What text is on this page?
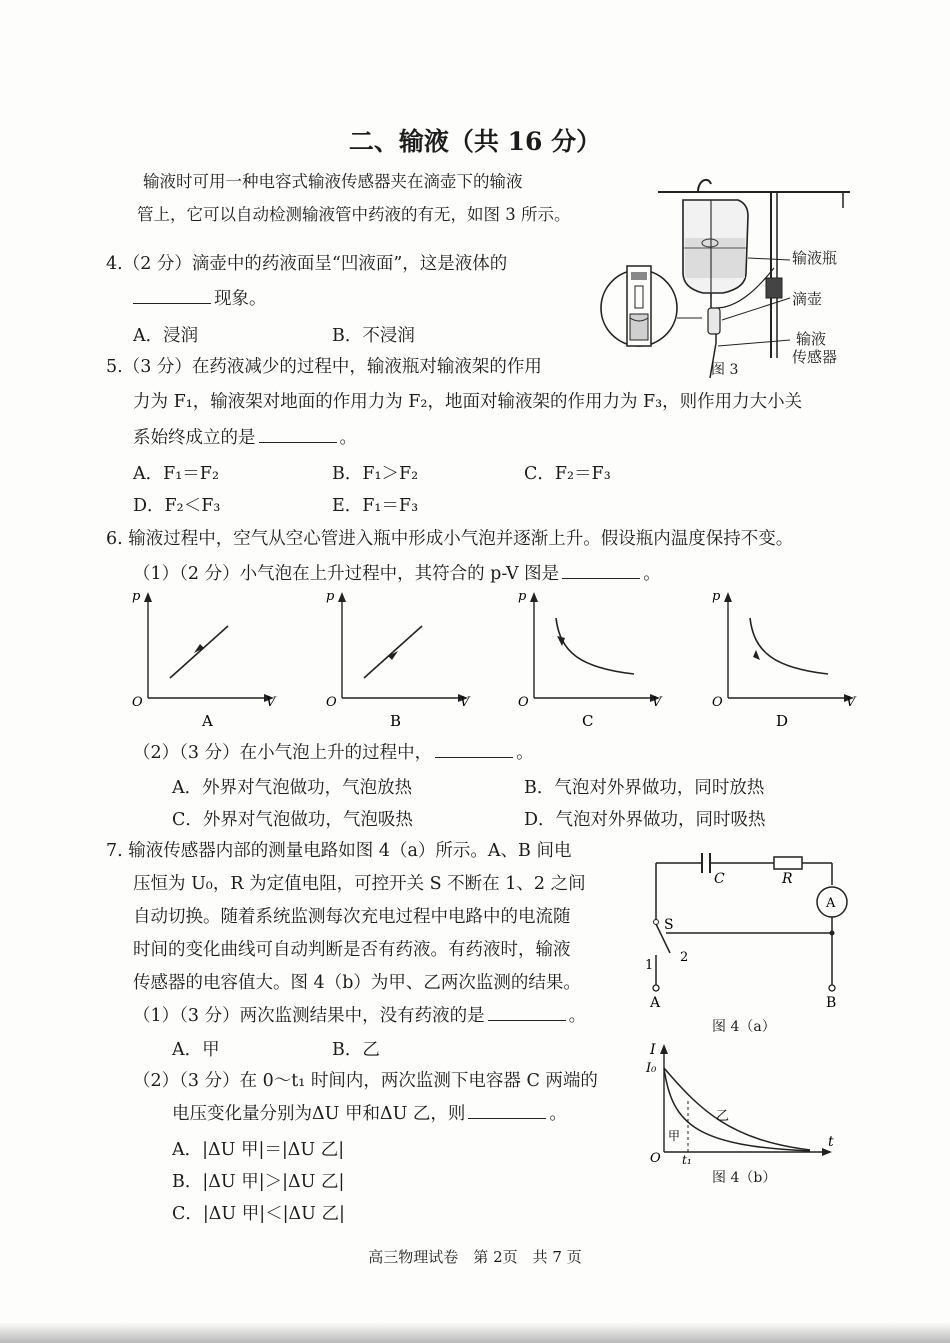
二、输液（共 16 分）
输液时可用一种电容式输液传感器夹在滴壶下的输液
管上，它可以自动检测输液管中药液的有无，如图 3 所示。
输液瓶
滴壶
输液
传感器
图 3
4.（2 分）滴壶中的药液面呈“凹液面”，这是液体的
现象。
A．浸润	B．不浸润
5.（3 分）在药液减少的过程中，输液瓶对输液架的作用
力为 F₁，输液架对地面的作用力为 F₂，地面对输液架的作用力为 F₃，则作用力大小关
系始终成立的是	。
A．F₁＝F₂	B．F₁＞F₂	C．F₂＝F₃
D．F₂＜F₃	E．F₁＝F₃
6. 输液过程中，空气从空心管进入瓶中形成小气泡并逐渐上升。假设瓶内温度保持不变。
（1）（2 分）小气泡在上升过程中，其符合的 p-V 图是	。
p
O	V
A
p
O	V
B
p
O	V
C
p
O	V
D
（2）（3 分）在小气泡上升的过程中，	。
A．外界对气泡做功，气泡放热	B．气泡对外界做功，同时放热
C．外界对气泡做功，气泡吸热	D．气泡对外界做功，同时吸热
7. 输液传感器内部的测量电路如图 4（a）所示。A、B 间电
压恒为 U₀，R 为定值电阻，可控开关 S 不断在 1、2 之间
自动切换。随着系统监测每次充电过程中电路中的电流随
时间的变化曲线可自动判断是否有药液。有药液时，输液
传感器的电容值大。图 4（b）为甲、乙两次监测的结果。
（1）（3 分）两次监测结果中，没有药液的是	。
A．甲	B．乙
（2）（3 分）在 0～t₁ 时间内，两次监测下电容器 C 两端的
电压变化量分别为ΔU 甲和ΔU 乙，则	。
A．|ΔU 甲|＝|ΔU 乙|
B．|ΔU 甲|＞|ΔU 乙|
C．|ΔU 甲|＜|ΔU 乙|
C	R
A
S
1
2
A	B
图 4（a）
I
I₀
O
t
t₁
甲
乙
图 4（b）
高三物理试卷　第 2页　共 7 页
